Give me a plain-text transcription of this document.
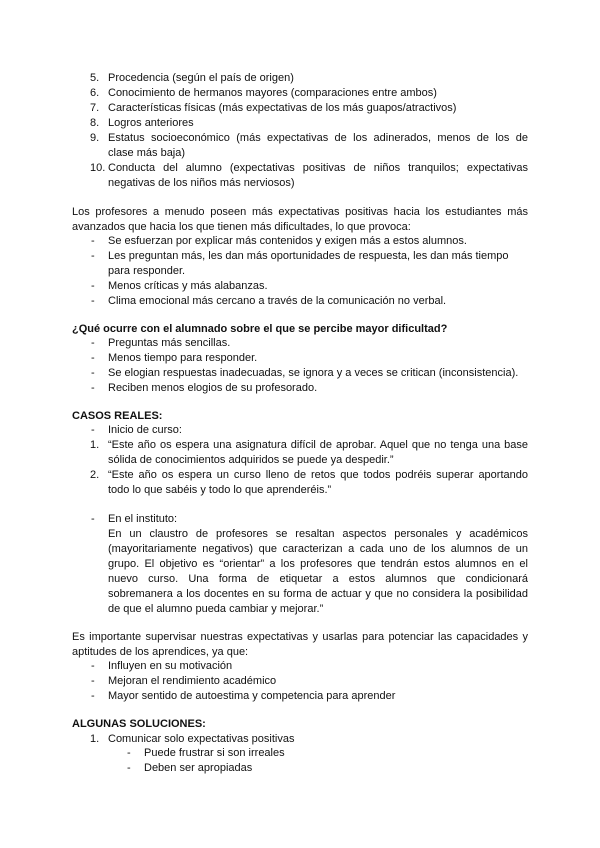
5. Procedencia (según el país de origen)
6. Conocimiento de hermanos mayores (comparaciones entre ambos)
7. Características físicas (más expectativas de los más guapos/atractivos)
8. Logros anteriores
9. Estatus socioeconómico (más expectativas de los adinerados, menos de los de
clase más baja)
10. Conducta del alumno (expectativas positivas de niños tranquilos; expectativas
negativas de los niños más nerviosos)
Los profesores a menudo poseen más expectativas positivas hacia los estudiantes más
avanzados que hacia los que tienen más dificultades, lo que provoca:
- Se esfuerzan por explicar más contenidos y exigen más a estos alumnos.
- Les preguntan más, les dan más oportunidades de respuesta, les dan más tiempo
para responder.
- Menos críticas y más alabanzas.
- Clima emocional más cercano a través de la comunicación no verbal.
¿Qué ocurre con el alumnado sobre el que se percibe mayor dificultad?
- Preguntas más sencillas.
- Menos tiempo para responder.
- Se elogian respuestas inadecuadas, se ignora y a veces se critican (inconsistencia).
- Reciben menos elogios de su profesorado.
CASOS REALES:
- Inicio de curso:
1. “Este año os espera una asignatura difícil de aprobar. Aquel que no tenga una base
sólida de conocimientos adquiridos se puede ya despedir.”
2. “Este año os espera un curso lleno de retos que todos podréis superar aportando
todo lo que sabéis y todo lo que aprenderéis.”
- En el instituto:
En un claustro de profesores se resaltan aspectos personales y académicos
(mayoritariamente negativos) que caracterizan a cada uno de los alumnos de un
grupo. El objetivo es “orientar” a los profesores que tendrán estos alumnos en el
nuevo curso. Una forma de etiquetar a estos alumnos que condicionará
sobremanera a los docentes en su forma de actuar y que no considera la posibilidad
de que el alumno pueda cambiar y mejorar.”
Es importante supervisar nuestras expectativas y usarlas para potenciar las capacidades y
aptitudes de los aprendices, ya que:
- Influyen en su motivación
- Mejoran el rendimiento académico
- Mayor sentido de autoestima y competencia para aprender
ALGUNAS SOLUCIONES:
1. Comunicar solo expectativas positivas
- Puede frustrar si son irreales
- Deben ser apropiadas
